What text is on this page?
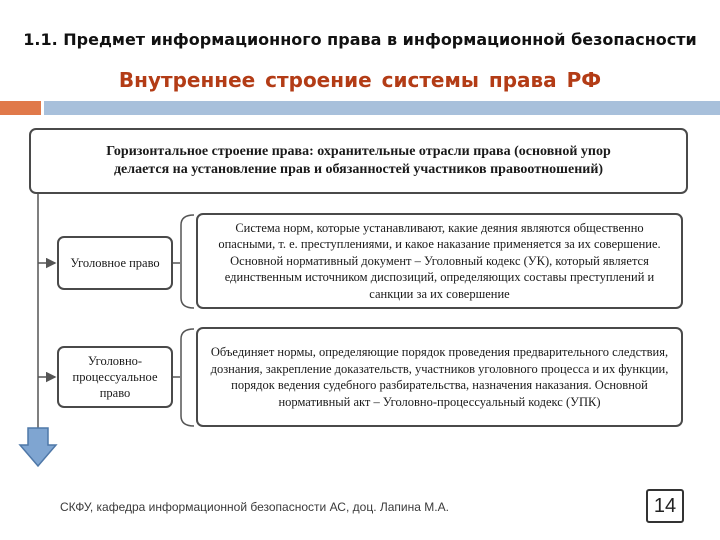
1.1. Предмет информационного права в информационной безопасности
Внутреннее строение системы права РФ
Горизонтальное строение права: охранительные отрасли права (основной упор делается на установление прав и обязанностей участников правоотношений)
Уголовное право
Система норм, которые устанавливают, какие деяния являются общественно опасными, т. е. преступлениями, и какое наказание применяется за их совершение. Основной нормативный документ – Уголовный кодекс (УК), который является единственным источником диспозиций, определяющих составы преступлений и санкции за их совершение
Уголовно-процессуальное право
Объединяет нормы, определяющие порядок проведения предварительного следствия, дознания, закрепление доказательств, участников уголовного процесса и их функции, порядок ведения судебного разбирательства, назначения наказания. Основной нормативный акт – Уголовно-процессуальный кодекс (УПК)
СКФУ, кафедра информационной безопасности АС, доц. Лапина М.А.	14
